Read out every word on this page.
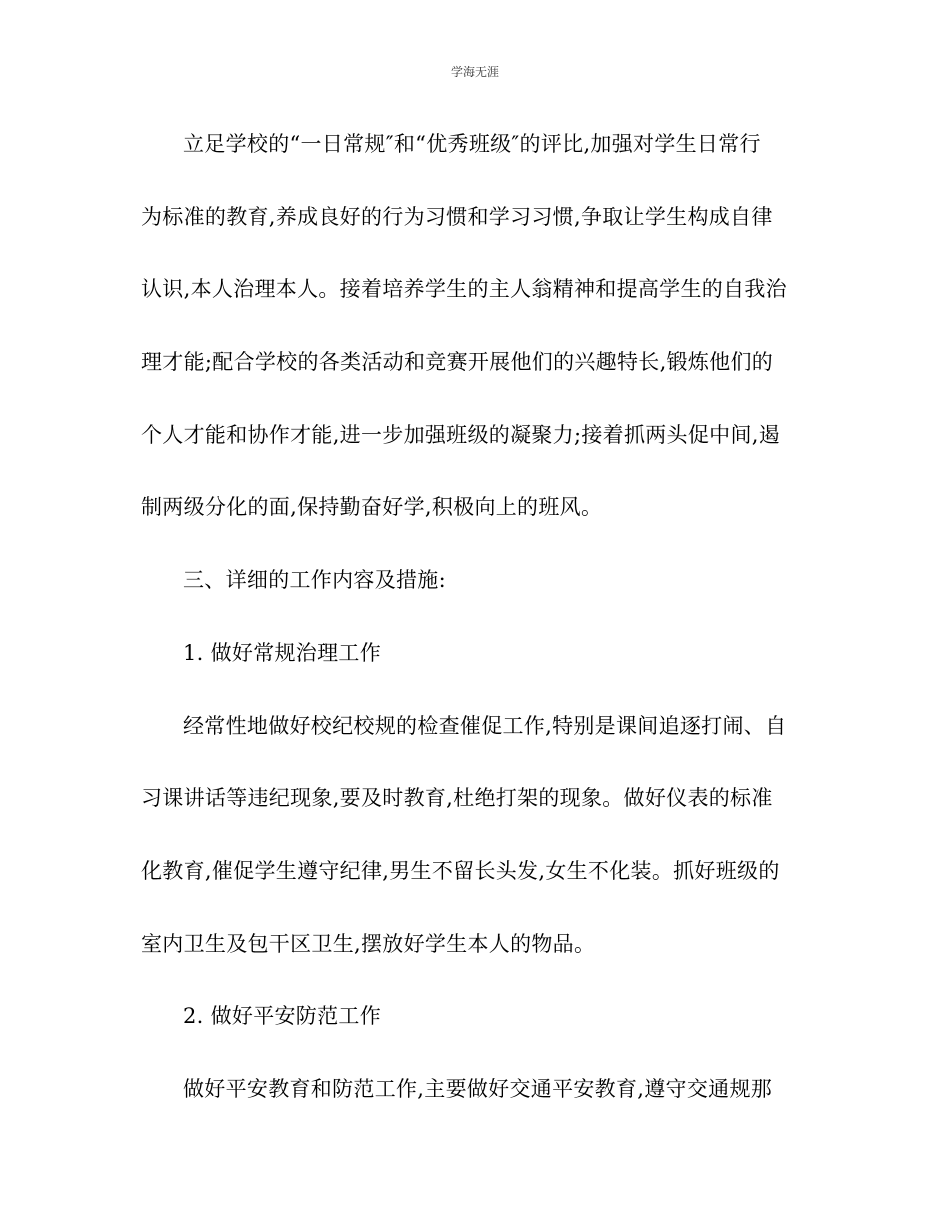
学海无涯
立足学校的“一日常规″和“优秀班级″的评比,加强对学生日常行
为标准的教育,养成良好的行为习惯和学习习惯,争取让学生构成自律
认识,本人治理本人。接着培养学生的主人翁精神和提高学生的自我治
理才能;配合学校的各类活动和竞赛开展他们的兴趣特长,锻炼他们的
个人才能和协作才能,进一步加强班级的凝聚力;接着抓两头促中间,遏
制两级分化的面,保持勤奋好学,积极向上的班风。
三、详细的工作内容及措施:
1. 做好常规治理工作
经常性地做好校纪校规的检查催促工作,特别是课间追逐打闹、自
习课讲话等违纪现象,要及时教育,杜绝打架的现象。做好仪表的标准
化教育,催促学生遵守纪律,男生不留长头发,女生不化装。抓好班级的
室内卫生及包干区卫生,摆放好学生本人的物品。
2. 做好平安防范工作
做好平安教育和防范工作,主要做好交通平安教育,遵守交通规那
